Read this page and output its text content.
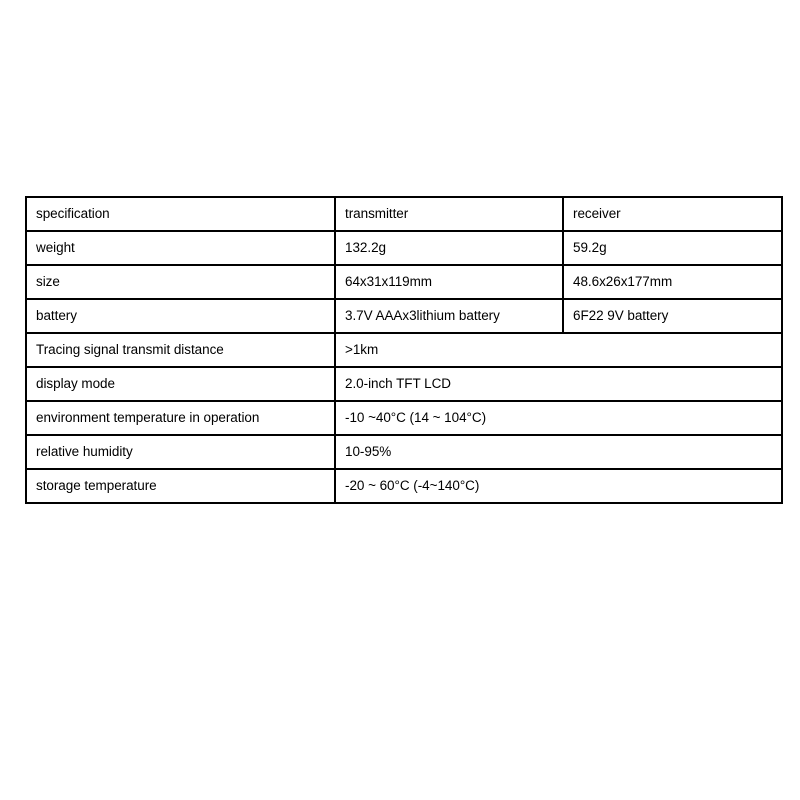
specification	transmitter	receiver
weight	132.2g	59.2g
size	64x31x119mm	48.6x26x177mm
battery	3.7V AAAx3lithium battery	6F22 9V battery
Tracing signal transmit distance	>1km	
display mode	2.0-inch TFT LCD	
environment temperature in operation	-10 ~40°C (14 ~ 104°C)	
relative humidity	10-95%	
storage temperature	-20 ~ 60°C (-4~140°C)	
